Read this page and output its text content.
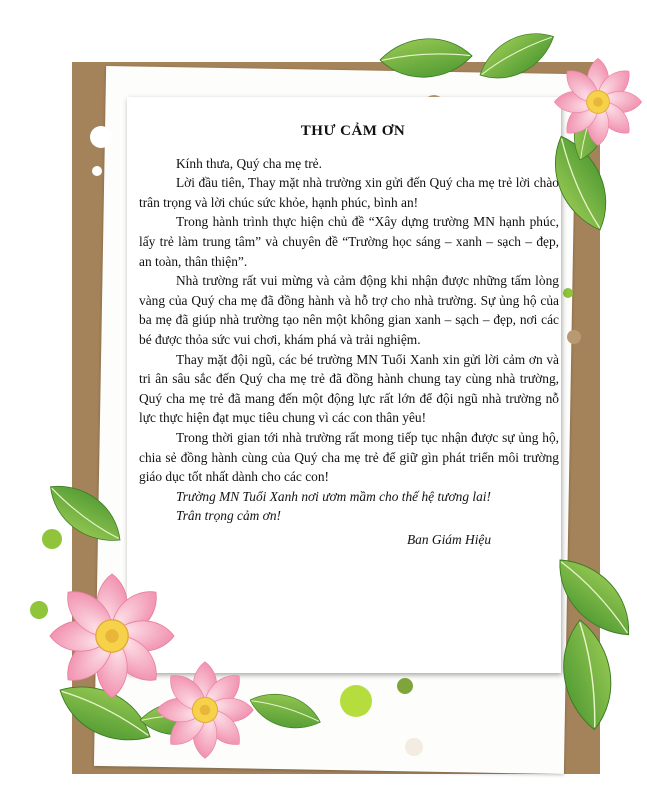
THƯ CẢM ƠN

Kính thưa, Quý cha mẹ trẻ.

Lời đầu tiên, Thay mặt nhà trường xin gửi đến Quý cha mẹ trẻ lời chào trân trọng và lời chúc sức khỏe, hạnh phúc, bình an!

Trong hành trình thực hiện chủ đề “Xây dựng trường MN hạnh phúc, lấy trẻ làm trung tâm” và chuyên đề “Trường học sáng – xanh – sạch – đẹp, an toàn, thân thiện”.

Nhà trường rất vui mừng và cảm động khi nhận được những tấm lòng vàng của Quý cha mẹ đã đồng hành và hỗ trợ cho nhà trường. Sự ủng hộ của ba mẹ đã giúp nhà trường tạo nên một không gian xanh – sạch – đẹp, nơi các bé được thỏa sức vui chơi, khám phá và trải nghiệm.

Thay mặt đội ngũ, các bé trường MN Tuổi Xanh xin gửi lời cảm ơn và tri ân sâu sắc đến Quý cha mẹ trẻ đã đồng hành chung tay cùng nhà trường, Quý cha mẹ trẻ đã mang đến một động lực rất lớn để đội ngũ nhà trường nỗ lực thực hiện đạt mục tiêu chung vì các con thân yêu!

Trong thời gian tới nhà trường rất mong tiếp tục nhận được sự ủng hộ, chia sẻ đồng hành cùng của Quý cha mẹ trẻ để giữ gìn phát triển môi trường giáo dục tốt nhất dành cho các con!

Trường MN Tuổi Xanh nơi ươm mầm cho thế hệ tương lai!

Trân trọng cảm ơn!

Ban Giám Hiệu
